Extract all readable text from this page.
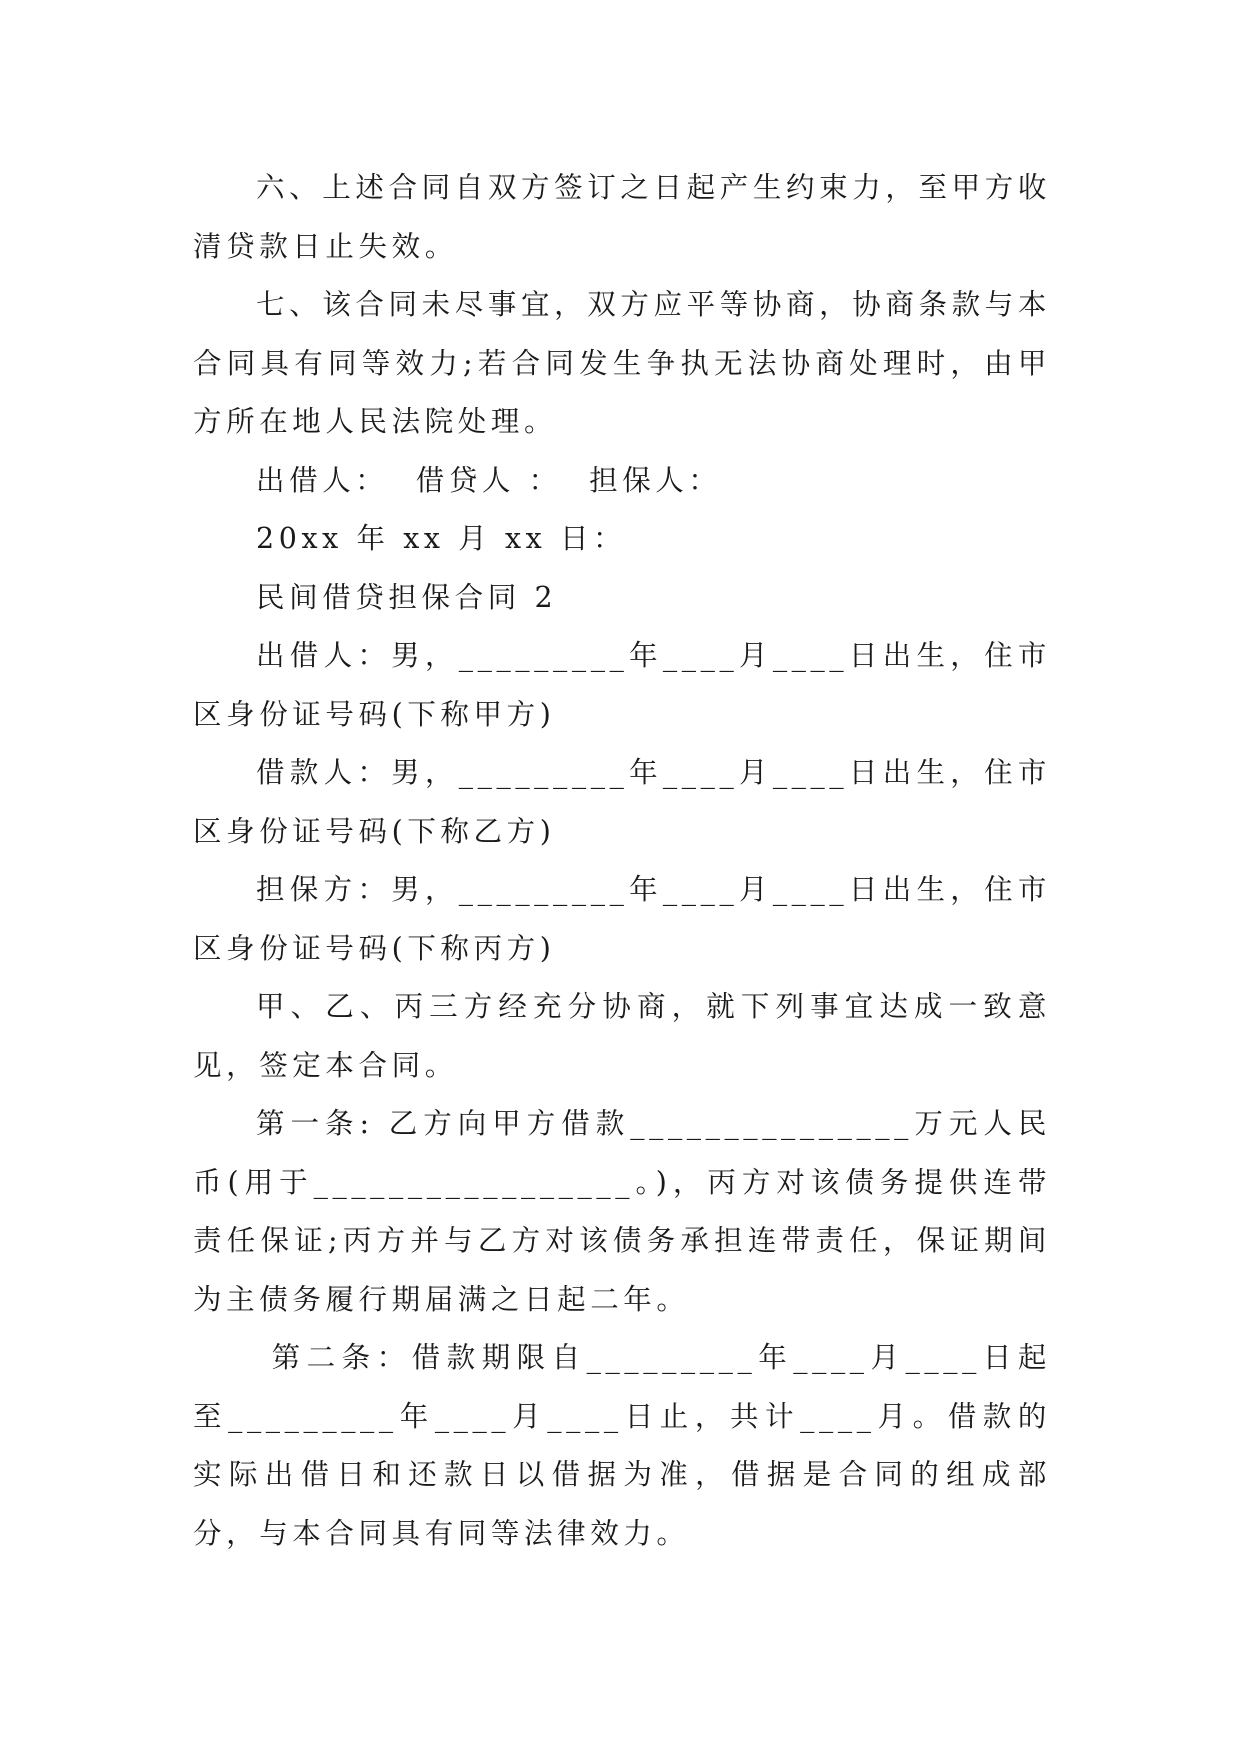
六、上述合同自双方签订之日起产生约束力，至甲方收清贷款日止失效。

七、该合同未尽事宜，双方应平等协商，协商条款与本合同具有同等效力;若合同发生争执无法协商处理时，由甲方所在地人民法院处理。

出借人：  借贷人 ：  担保人：

20xx 年 xx 月 xx 日：

民间借贷担保合同 2

出借人：男，_________年____月____日出生，住市区身份证号码(下称甲方)

借款人：男，_________年____月____日出生，住市区身份证号码(下称乙方)

担保方：男，_________年____月____日出生，住市区身份证号码(下称丙方)

甲、乙、丙三方经充分协商，就下列事宜达成一致意见，签定本合同。

第一条: 乙方向甲方借款_______________万元人民币(用于_________________。)，丙方对该债务提供连带责任保证;丙方并与乙方对该债务承担连带责任，保证期间为主债务履行期届满之日起二年。

第二条：借款期限自_________年____月____日起至_________年____月____日止，共计____月。借款的实际出借日和还款日以借据为准，借据是合同的组成部分，与本合同具有同等法律效力。
